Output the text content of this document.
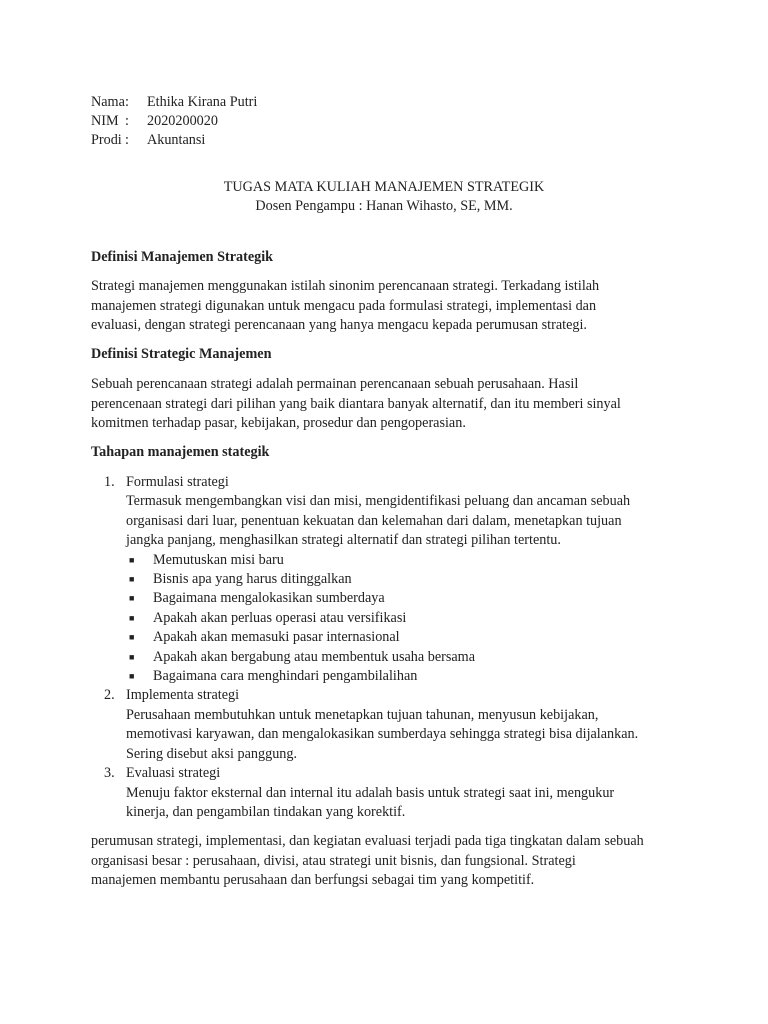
Nama :	Ethika Kirana Putri
NIM :	2020200020
Prodi :	Akuntansi
TUGAS MATA KULIAH MANAJEMEN STRATEGIK
Dosen Pengampu : Hanan Wihasto, SE, MM.
Definisi Manajemen Strategik
Strategi manajemen menggunakan istilah sinonim perencanaan strategi. Terkadang istilah
manajemen strategi digunakan untuk mengacu pada formulasi strategi, implementasi dan
evaluasi, dengan strategi perencanaan yang hanya mengacu kepada perumusan strategi.
Definisi Strategic Manajemen
Sebuah perencanaan strategi adalah permainan perencanaan sebuah perusahaan. Hasil
perencenaan strategi dari pilihan yang baik diantara banyak alternatif, dan itu memberi sinyal
komitmen terhadap pasar, kebijakan, prosedur dan pengoperasian.
Tahapan manajemen stategik
1. Formulasi strategi
Termasuk mengembangkan visi dan misi, mengidentifikasi peluang dan ancaman sebuah
organisasi dari luar, penentuan kekuatan dan kelemahan dari dalam, menetapkan tujuan
jangka panjang, menghasilkan strategi alternatif dan strategi pilihan tertentu.
■	Memutuskan misi baru
■	Bisnis apa yang harus ditinggalkan
■	Bagaimana mengalokasikan sumberdaya
■	Apakah akan perluas operasi atau versifikasi
■	Apakah akan memasuki pasar internasional
■	Apakah akan bergabung atau membentuk usaha bersama
■	Bagaimana cara menghindari pengambilalihan
2. Implementa strategi
Perusahaan membutuhkan untuk menetapkan tujuan tahunan, menyusun kebijakan,
memotivasi karyawan, dan mengalokasikan sumberdaya sehingga strategi bisa dijalankan.
Sering disebut aksi panggung.
3. Evaluasi strategi
Menuju faktor eksternal dan internal itu adalah basis untuk strategi saat ini, mengukur
kinerja, dan pengambilan tindakan yang korektif.
perumusan strategi, implementasi, dan kegiatan evaluasi terjadi pada tiga tingkatan dalam sebuah
organisasi besar : perusahaan, divisi, atau strategi unit bisnis, dan fungsional. Strategi
manajemen membantu perusahaan dan berfungsi sebagai tim yang kompetitif.
